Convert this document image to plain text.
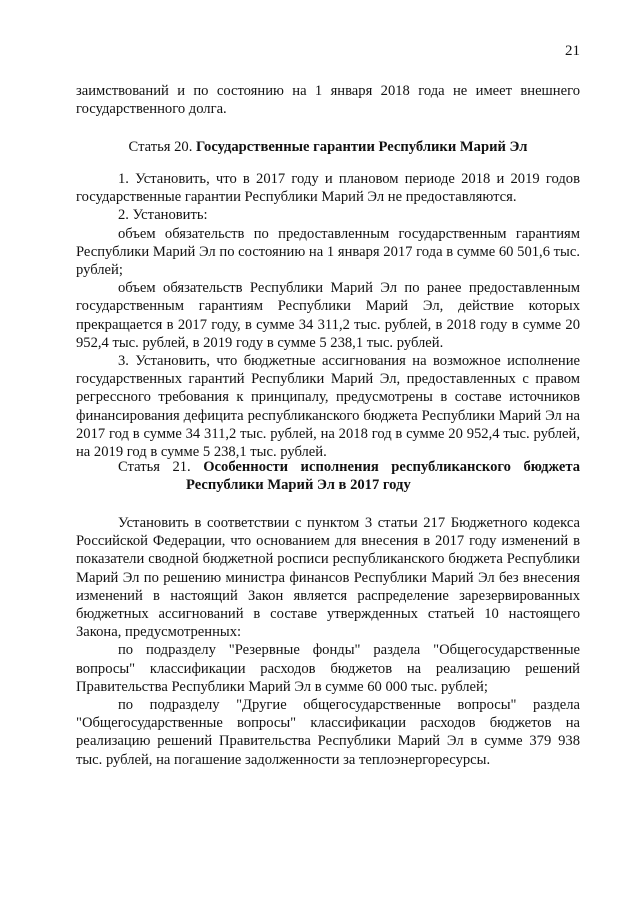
21

заимствований и по состоянию на 1 января 2018 года не имеет внешнего государственного долга.

Статья 20. Государственные гарантии Республики Марий Эл

1. Установить, что в 2017 году и плановом периоде 2018 и 2019 годов государственные гарантии Республики Марий Эл не предоставляются.

2. Установить:

объем обязательств по предоставленным государственным гарантиям Республики Марий Эл по состоянию на 1 января 2017 года в сумме 60 501,6 тыс. рублей;

объем обязательств Республики Марий Эл по ранее предоставленным государственным гарантиям Республики Марий Эл, действие которых прекращается в 2017 году, в сумме 34 311,2 тыс. рублей, в 2018 году в сумме 20 952,4 тыс. рублей, в 2019 году в сумме 5 238,1 тыс. рублей.

3. Установить, что бюджетные ассигнования на возможное исполнение государственных гарантий Республики Марий Эл, предоставленных с правом регрессного требования к принципалу, предусмотрены в составе источников финансирования дефицита республиканского бюджета Республики Марий Эл на 2017 год в сумме 34 311,2 тыс. рублей, на 2018 год в сумме 20 952,4 тыс. рублей, на 2019 год в сумме 5 238,1 тыс. рублей.

Статья 21. Особенности исполнения республиканского бюджета

Республики Марий Эл в 2017 году

Установить в соответствии с пунктом 3 статьи 217 Бюджетного кодекса Российской Федерации, что основанием для внесения в 2017 году изменений в показатели сводной бюджетной росписи республиканского бюджета Республики Марий Эл по решению министра финансов Республики Марий Эл без внесения изменений в настоящий Закон является распределение зарезервированных бюджетных ассигнований в составе утвержденных статьей 10 настоящего Закона, предусмотренных:

по подразделу "Резервные фонды" раздела "Общегосударственные вопросы" классификации расходов бюджетов на реализацию решений Правительства Республики Марий Эл в сумме 60 000 тыс. рублей;

по подразделу "Другие общегосударственные вопросы" раздела "Общегосударственные вопросы" классификации расходов бюджетов на реализацию решений Правительства Республики Марий Эл в сумме 379 938 тыс. рублей, на погашение задолженности за теплоэнергоресурсы.
